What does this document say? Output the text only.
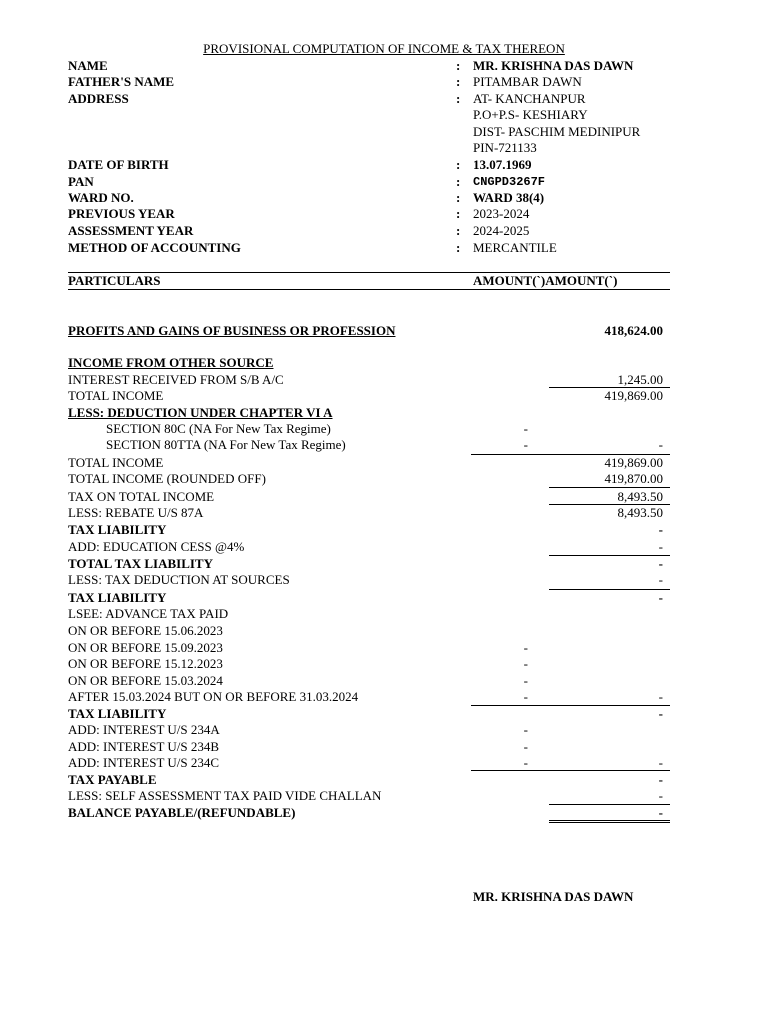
PROVISIONAL COMPUTATION OF INCOME & TAX THEREON
NAME	: MR. KRISHNA DAS DAWN
FATHER'S NAME	: PITAMBAR DAWN
ADDRESS	: AT- KANCHANPUR
P.O+P.S- KESHIARY
DIST- PASCHIM MEDINIPUR
PIN-721133
DATE OF BIRTH	: 13.07.1969
PAN	: CNGPD3267F
WARD NO.	: WARD 38(4)
PREVIOUS YEAR	: 2023-2024
ASSESSMENT YEAR	: 2024-2025
METHOD OF ACCOUNTING	: MERCANTILE
PARTICULARS	AMOUNT(`)AMOUNT(`)
PROFITS AND GAINS OF BUSINESS OR PROFESSION	418,624.00
INCOME FROM OTHER SOURCE
INTEREST RECEIVED FROM S/B A/C	1,245.00
TOTAL INCOME	419,869.00
LESS: DEDUCTION UNDER CHAPTER VI A
SECTION 80C (NA For New Tax Regime)	-
SECTION 80TTA (NA For New Tax Regime)	-	-
TOTAL INCOME	419,869.00
TOTAL INCOME (ROUNDED OFF)	419,870.00
TAX ON TOTAL INCOME	8,493.50
LESS: REBATE U/S 87A	8,493.50
TAX LIABILITY	-
ADD: EDUCATION CESS @4%	-
TOTAL TAX LIABILITY	-
LESS: TAX DEDUCTION AT SOURCES	-
TAX LIABILITY	-
LSEE: ADVANCE TAX PAID
ON OR BEFORE 15.06.2023
ON OR BEFORE 15.09.2023	-
ON OR BEFORE 15.12.2023	-
ON OR BEFORE 15.03.2024	-
AFTER 15.03.2024 BUT ON OR BEFORE 31.03.2024	-	-
TAX LIABILITY	-
ADD: INTEREST U/S 234A	-
ADD: INTEREST U/S 234B	-
ADD: INTEREST U/S 234C	-	-
TAX PAYABLE	-
LESS: SELF ASSESSMENT TAX PAID VIDE CHALLAN	-
BALANCE PAYABLE/(REFUNDABLE)	-
MR. KRISHNA DAS DAWN
